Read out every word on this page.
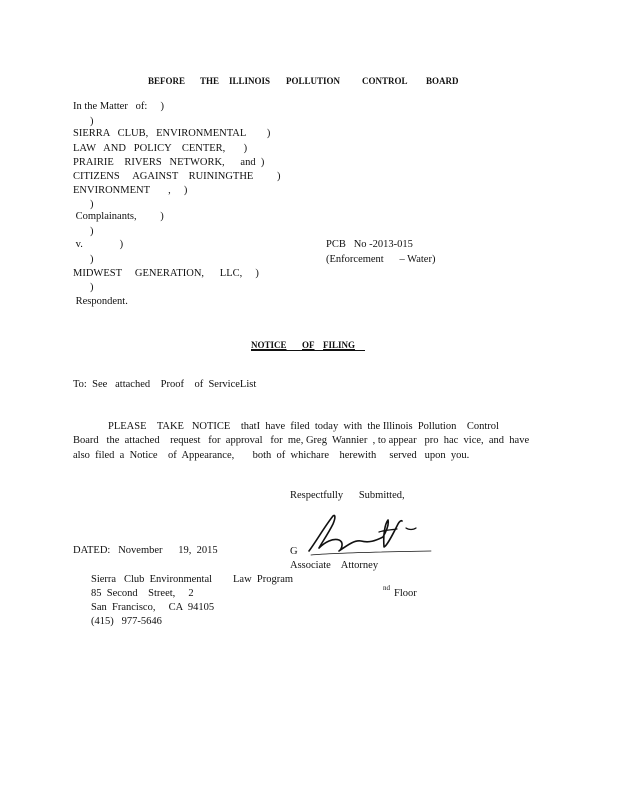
BEFORE THE ILLINOIS POLLUTION CONTROL BOARD
In the Matter   of:     )
)
SIERRA   CLUB,   ENVIRONMENTAL        )
LAW   AND   POLICY    CENTER,       )
PRAIRIE    RIVERS   NETWORK,      and  )
CITIZENS     AGAINST    RUININGTHE         )
ENVIRONMENT       ,     )
)
Complainants,         )
)
v.              )
)
MIDWEST     GENERATION,      LLC,     )
)
Respondent.
PCB   No -2013-015
(Enforcement      – Water)
NOTICE OF FILING
To:  See   attached    Proof    of  ServiceList
PLEASE    TAKE   NOTICE    thatI  have  filed  today  with  the Illinois  Pollution    Control
Board   the  attached    request   for  approval   for  me, Greg  Wannier  , to appear   pro  hac  vice,  and  have
also  filed  a  Notice    of  Appearance,       both  of  whichare    herewith     served   upon  you.
Respectfully      Submitted,
DATED:   November      19,  2015	G
Associate    Attorney
Sierra   Club  Environmental        Law  Program
85  Second    Street,     2
San  Francisco,     CA  94105
(415)   977-5646
nd Floor
